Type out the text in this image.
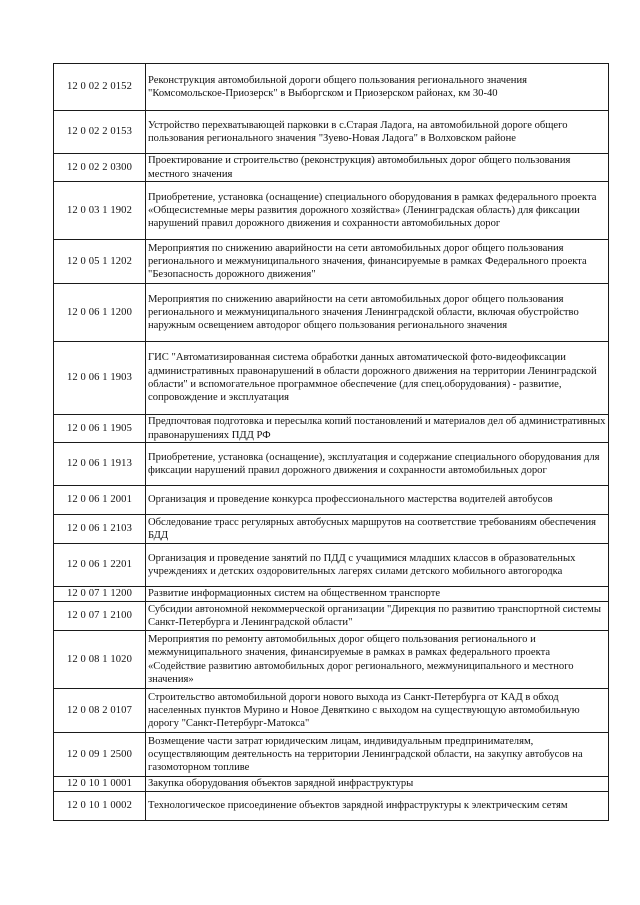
12 0 02 2 0152	Реконструкция автомобильной дороги общего пользования регионального значения "Комсомольское-Приозерск" в Выборгском и Приозерском районах, км 30-40
12 0 02 2 0153	Устройство перехватывающей парковки в с.Старая Ладога, на автомобильной дороге общего пользования регионального значения "Зуево-Новая Ладога" в Волховском районе
12 0 02 2 0300	Проектирование и строительство (реконструкция) автомобильных дорог общего пользования местного значения
12 0 03 1 1902	Приобретение, установка (оснащение) специального оборудования в рамках федерального проекта «Общесистемные меры развития дорожного хозяйства» (Ленинградская область) для фиксации нарушений правил дорожного движения и сохранности автомобильных дорог
12 0 05 1 1202	Мероприятия по снижению аварийности на сети автомобильных дорог общего пользования регионального и межмуниципального значения, финансируемые в рамках Федерального проекта "Безопасность дорожного движения"
12 0 06 1 1200	Мероприятия по снижению аварийности на сети автомобильных дорог общего пользования регионального и межмуниципального значения Ленинградской области, включая обустройство наружным освещением автодорог общего пользования регионального значения
12 0 06 1 1903	ГИС "Автоматизированная система обработки данных автоматической фото-видеофиксации административных правонарушений в области дорожного движения на территории Ленинградской области" и вспомогательное программное обеспечение (для спец.оборудования) - развитие, сопровождение и эксплуатация
12 0 06 1 1905	Предпочтовая подготовка и пересылка копий постановлений и материалов дел об административных правонарушениях ПДД РФ
12 0 06 1 1913	Приобретение, установка (оснащение), эксплуатация и содержание специального оборудования для фиксации нарушений правил дорожного движения и сохранности автомобильных дорог
12 0 06 1 2001	Организация и проведение конкурса профессионального мастерства водителей автобусов
12 0 06 1 2103	Обследование трасс регулярных автобусных маршрутов на соответствие требованиям обеспечения БДД
12 0 06 1 2201	Организация и проведение занятий по ПДД с учащимися младших классов в образовательных учреждениях и детских оздоровительных лагерях силами детского мобильного автогородка
12 0 07 1 1200	Развитие информационных систем на общественном транспорте
12 0 07 1 2100	Субсидии автономной некоммерческой организации "Дирекция по развитию транспортной системы Санкт-Петербурга и Ленинградской области"
12 0 08 1 1020	Мероприятия по ремонту автомобильных дорог общего пользования регионального и межмуниципального значения, финансируемые в рамках в рамках федерального проекта «Содействие развитию автомобильных дорог регионального, межмуниципального и местного значения»
12 0 08 2 0107	Строительство автомобильной дороги нового выхода из Санкт-Петербурга от КАД в обход населенных пунктов Мурино и Новое Девяткино с выходом на существующую автомобильную дорогу "Санкт-Петербург-Матокса"
12 0 09 1 2500	Возмещение части затрат юридическим лицам, индивидуальным предпринимателям, осуществляющим деятельность на территории Ленинградской области, на закупку автобусов на газомоторном топливе
12 0 10 1 0001	Закупка оборудования объектов зарядной инфраструктуры
12 0 10 1 0002	Технологическое присоединение объектов зарядной инфраструктуры к электрическим сетям
